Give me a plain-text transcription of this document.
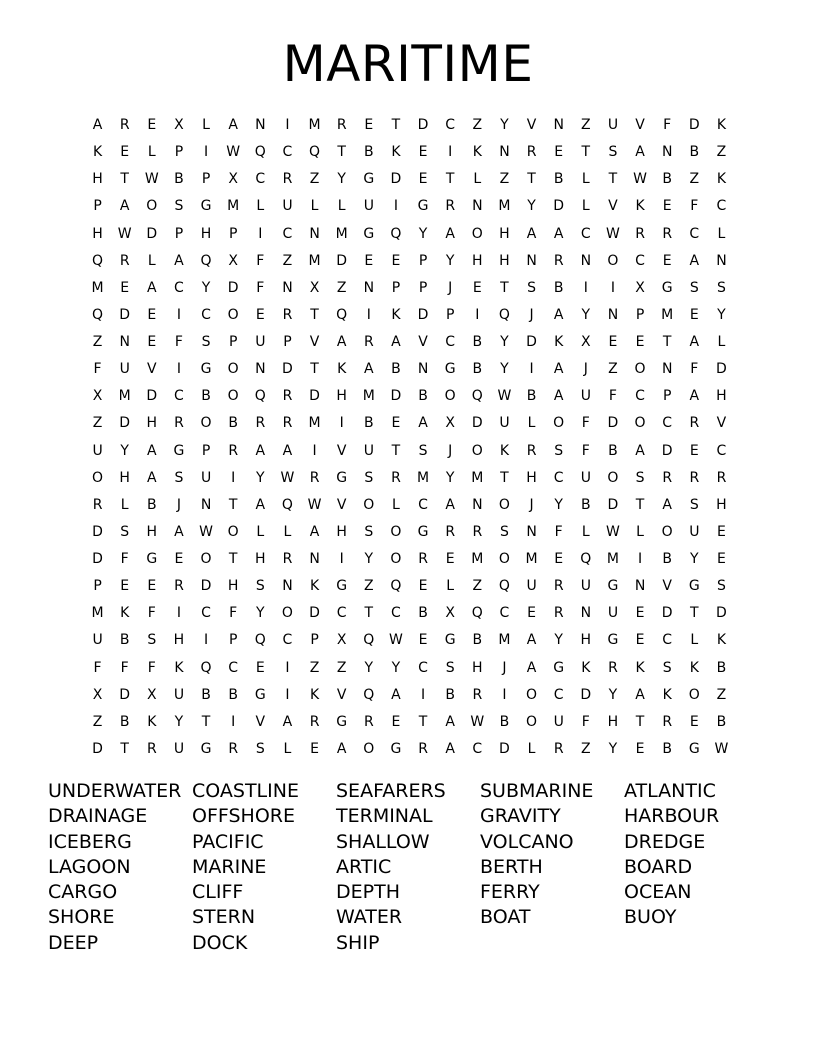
MARITIME
A	R	E	X	L	A	N	I	M	R	E	T	D	C	Z	Y	V	N	Z	U	V	F	D	K
K	E	L	P	I	W	Q	C	Q	T	B	K	E	I	K	N	R	E	T	S	A	N	B	Z
H	T	W	B	P	X	C	R	Z	Y	G	D	E	T	L	Z	T	B	L	T	W	B	Z	K
P	A	O	S	G	M	L	U	L	L	U	I	G	R	N	M	Y	D	L	V	K	E	F	C
H	W	D	P	H	P	I	C	N	M	G	Q	Y	A	O	H	A	A	C	W	R	R	C	L
Q	R	L	A	Q	X	F	Z	M	D	E	E	P	Y	H	H	N	R	N	O	C	E	A	N
M	E	A	C	Y	D	F	N	X	Z	N	P	P	J	E	T	S	B	I	I	X	G	S	S
Q	D	E	I	C	O	E	R	T	Q	I	K	D	P	I	Q	J	A	Y	N	P	M	E	Y
Z	N	E	F	S	P	U	P	V	A	R	A	V	C	B	Y	D	K	X	E	E	T	A	L
F	U	V	I	G	O	N	D	T	K	A	B	N	G	B	Y	I	A	J	Z	O	N	F	D
X	M	D	C	B	O	Q	R	D	H	M	D	B	O	Q	W	B	A	U	F	C	P	A	H
Z	D	H	R	O	B	R	R	M	I	B	E	A	X	D	U	L	O	F	D	O	C	R	V
U	Y	A	G	P	R	A	A	I	V	U	T	S	J	O	K	R	S	F	B	A	D	E	C
O	H	A	S	U	I	Y	W	R	G	S	R	M	Y	M	T	H	C	U	O	S	R	R	R
R	L	B	J	N	T	A	Q	W	V	O	L	C	A	N	O	J	Y	B	D	T	A	S	H
D	S	H	A	W	O	L	L	A	H	S	O	G	R	R	S	N	F	L	W	L	O	U	E
D	F	G	E	O	T	H	R	N	I	Y	O	R	E	M	O	M	E	Q	M	I	B	Y	E
P	E	E	R	D	H	S	N	K	G	Z	Q	E	L	Z	Q	U	R	U	G	N	V	G	S
M	K	F	I	C	F	Y	O	D	C	T	C	B	X	Q	C	E	R	N	U	E	D	T	D
U	B	S	H	I	P	Q	C	P	X	Q	W	E	G	B	M	A	Y	H	G	E	C	L	K
F	F	F	K	Q	C	E	I	Z	Z	Y	Y	C	S	H	J	A	G	K	R	K	S	K	B
X	D	X	U	B	B	G	I	K	V	Q	A	I	B	R	I	O	C	D	Y	A	K	O	Z
Z	B	K	Y	T	I	V	A	R	G	R	E	T	A	W	B	O	U	F	H	T	R	E	B
D	T	R	U	G	R	S	L	E	A	O	G	R	A	C	D	L	R	Z	Y	E	B	G	W
UNDERWATER COASTLINE	SEAFARERS	SUBMARINE	ATLANTIC
DRAINAGE	OFFSHORE	TERMINAL	GRAVITY	HARBOUR
ICEBERG	PACIFIC	SHALLOW	VOLCANO	DREDGE
LAGOON	MARINE	ARTIC	BERTH	BOARD
CARGO	CLIFF	DEPTH	FERRY	OCEAN
SHORE	STERN	WATER	BOAT	BUOY
DEEP	DOCK	SHIP
